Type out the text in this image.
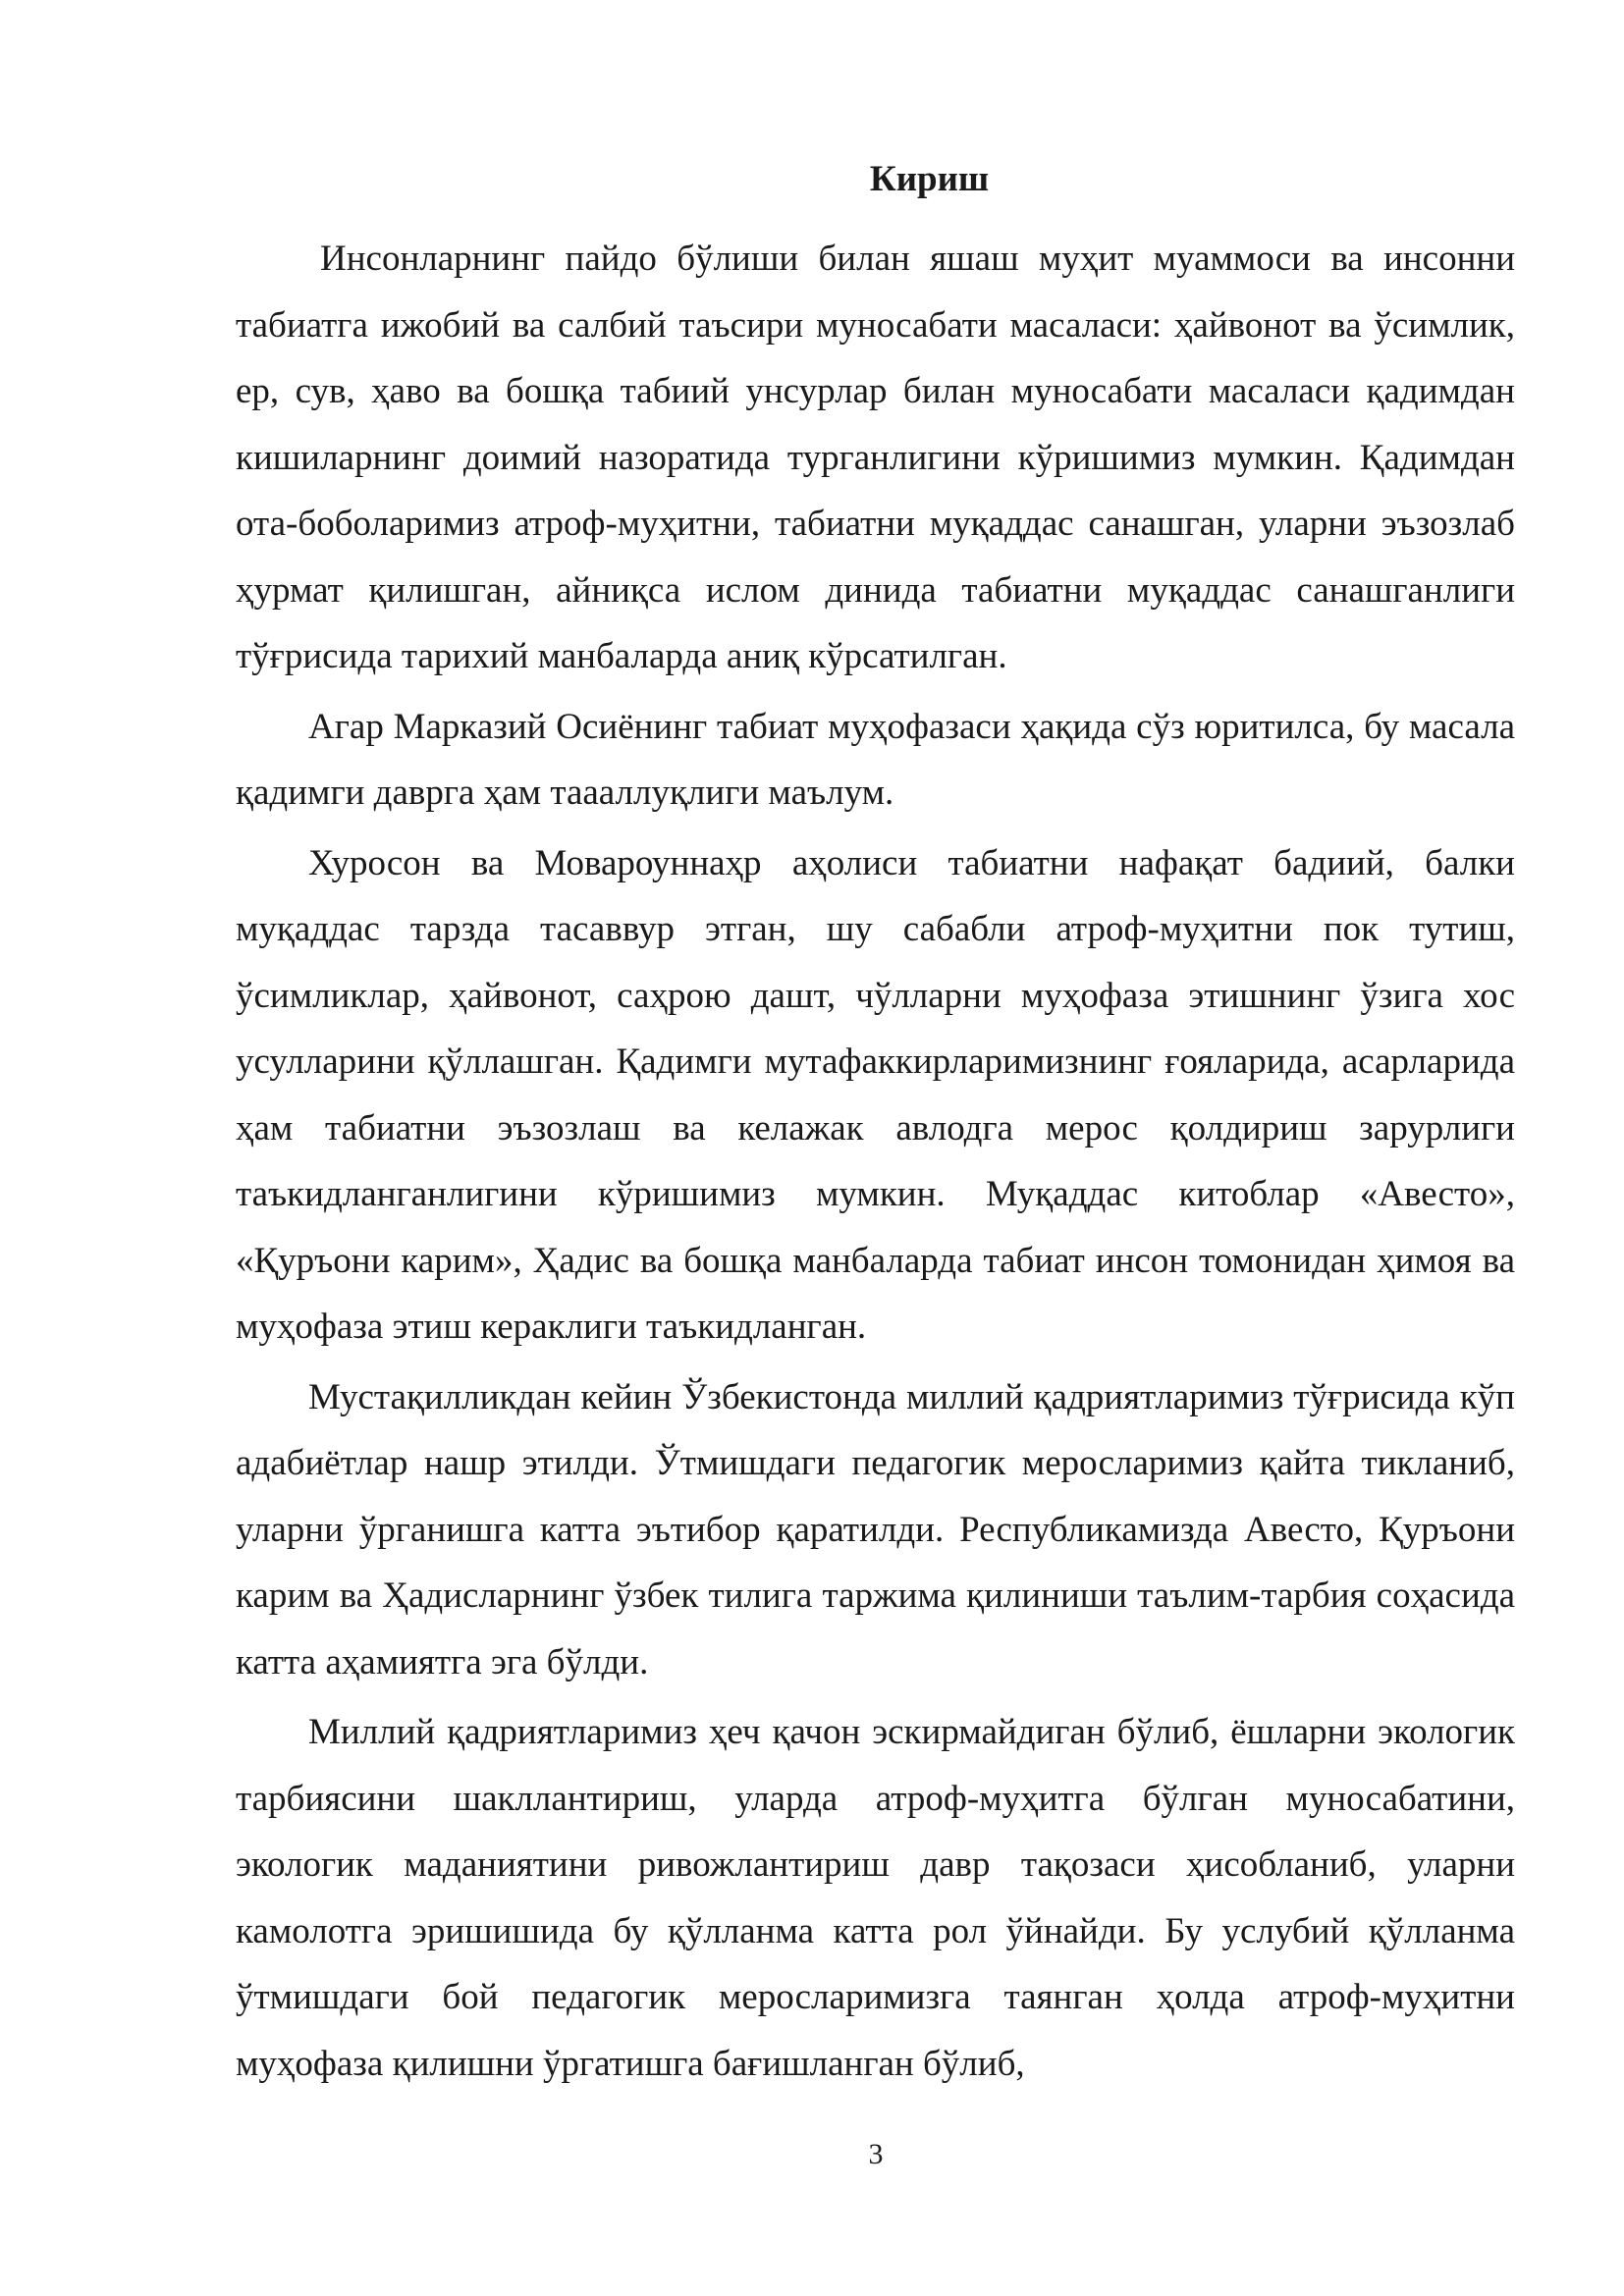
Кириш

Инсонларнинг пайдо бўлиши билан яшаш муҳит муаммоси ва инсонни табиатга ижобий ва салбий таъсири муносабати масаласи: ҳайвонот ва ўсимлик, ер, сув, ҳаво ва бошқа табиий унсурлар билан муносабати масаласи қадимдан кишиларнинг доимий назоратида турганлигини кўришимиз мумкин. Қадимдан ота-боболаримиз атроф-муҳитни, табиатни муқаддас санашган, уларни эъзозлаб ҳурмат қилишган, айниқса ислом динида табиатни муқаддас санашганлиги тўғрисида тарихий манбаларда аниқ кўрсатилган.

Агар Марказий Осиёнинг табиат муҳофазаси ҳақида сўз юритилса, бу масала қадимги даврга ҳам таааллуқлиги маълум.

Хуросон ва Мовароуннаҳр аҳолиси табиатни нафақат бадиий, балки муқаддас тарзда тасаввур этган, шу сабабли атроф-муҳитни пок тутиш, ўсимликлар, ҳайвонот, саҳрою дашт, чўлларни муҳофаза этишнинг ўзига хос усулларини қўллашган. Қадимги мутафаккирларимизнинг ғояларида, асарларида ҳам табиатни эъзозлаш ва келажак авлодга мерос қолдириш зарурлиги таъкидланганлигини кўришимиз мумкин. Муқаддас китоблар «Авесто», «Қуръони карим», Ҳадис ва бошқа манбаларда табиат инсон томонидан ҳимоя ва муҳофаза этиш кераклиги таъкидланган.

Мустақилликдан кейин Ўзбекистонда миллий қадриятларимиз тўғрисида кўп адабиётлар нашр этилди. Ўтмишдаги педагогик меросларимиз қайта тикланиб, уларни ўрганишга катта эътибор қаратилди. Республикамизда Авесто, Қуръони карим ва Ҳадисларнинг ўзбек тилига таржима қилиниши таълим-тарбия соҳасида катта аҳамиятга эга бўлди.

Миллий қадриятларимиз ҳеч қачон эскирмайдиган бўлиб, ёшларни экологик тарбиясини шакллантириш, уларда атроф-муҳитга бўлган муносабатини, экологик маданиятини ривожлантириш давр тақозаси ҳисобланиб, уларни камолотга эришишида бу қўлланма катта рол ўйнайди. Бу услубий қўлланма ўтмишдаги бой педагогик меросларимизга таянган ҳолда атроф-муҳитни муҳофаза қилишни ўргатишга бағишланган бўлиб,

3
